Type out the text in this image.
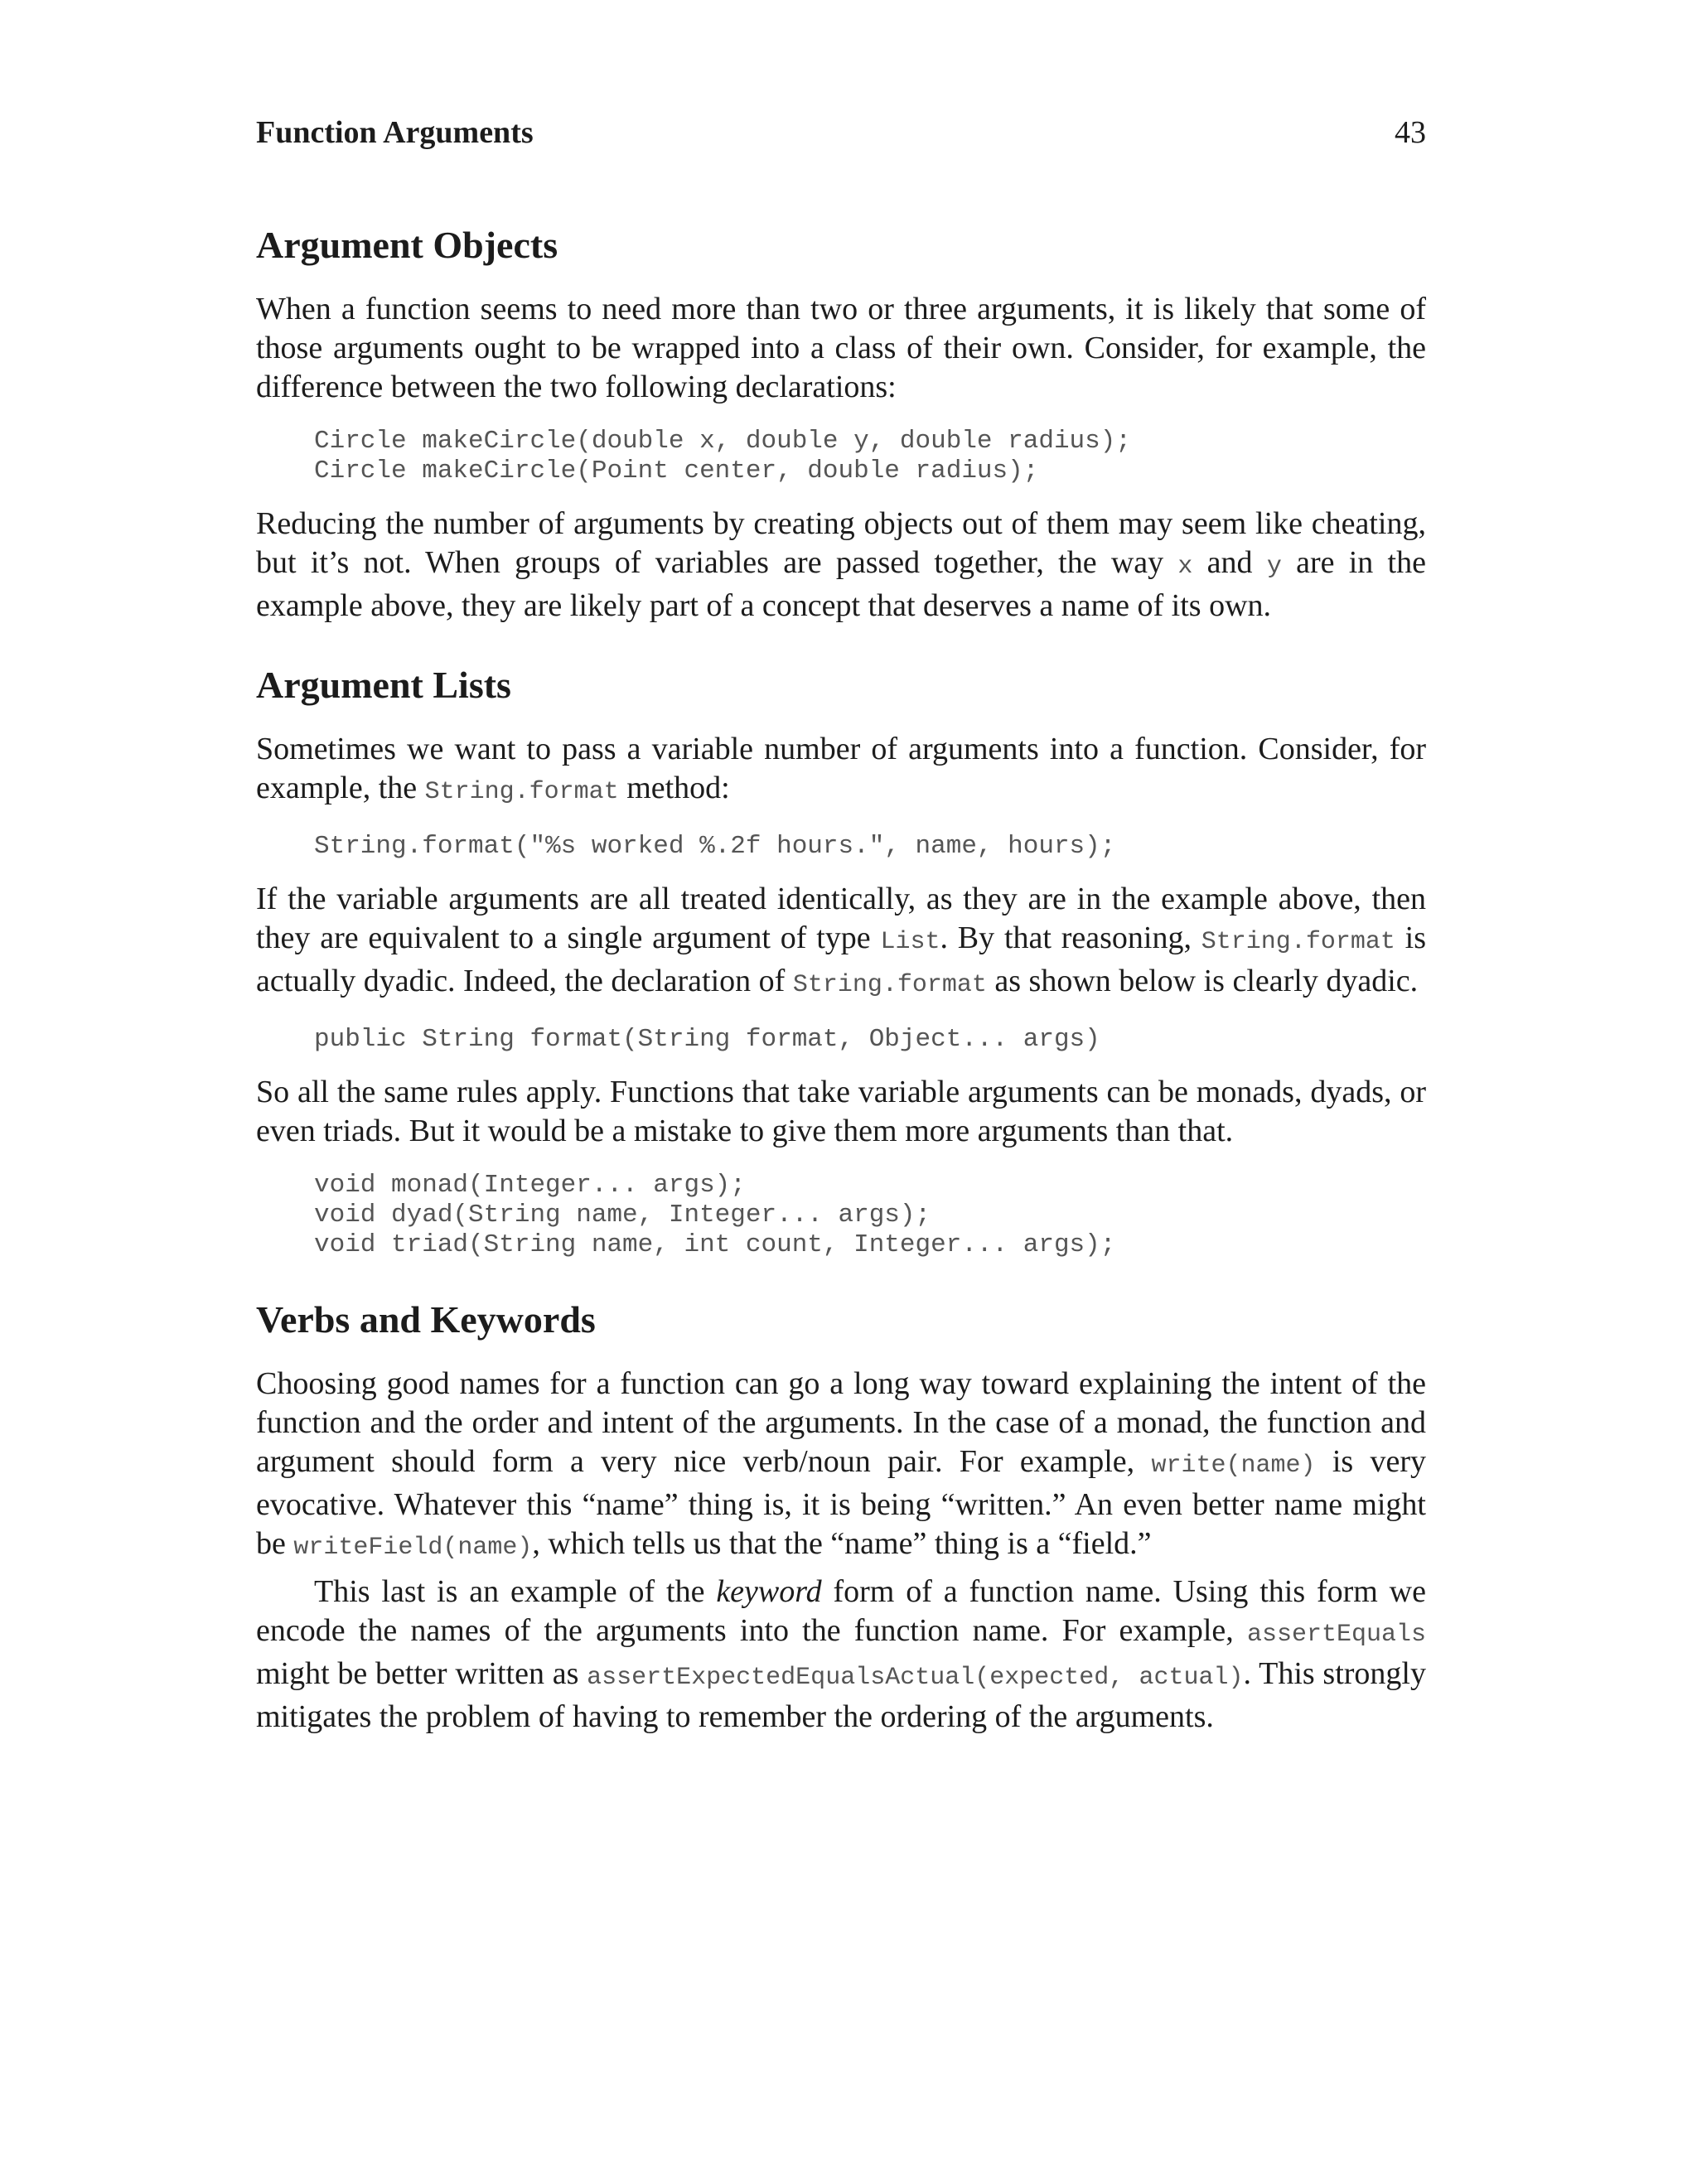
Function Arguments	43
Argument Objects

When a function seems to need more than two or three arguments, it is likely that some of those arguments ought to be wrapped into a class of their own. Consider, for example, the difference between the two following declarations:

Circle makeCircle(double x, double y, double radius);
Circle makeCircle(Point center, double radius);

Reducing the number of arguments by creating objects out of them may seem like cheating, but it’s not. When groups of variables are passed together, the way x and y are in the example above, they are likely part of a concept that deserves a name of its own.

Argument Lists

Sometimes we want to pass a variable number of arguments into a function. Consider, for example, the String.format method:

String.format("%s worked %.2f hours.", name, hours);

If the variable arguments are all treated identically, as they are in the example above, then they are equivalent to a single argument of type List. By that reasoning, String.format is actually dyadic. Indeed, the declaration of String.format as shown below is clearly dyadic.

public String format(String format, Object... args)

So all the same rules apply. Functions that take variable arguments can be monads, dyads, or even triads. But it would be a mistake to give them more arguments than that.

void monad(Integer... args);
void dyad(String name, Integer... args);
void triad(String name, int count, Integer... args);
Verbs and Keywords

Choosing good names for a function can go a long way toward explaining the intent of the function and the order and intent of the arguments. In the case of a monad, the function and argument should form a very nice verb/noun pair. For example, write(name) is very evocative. Whatever this “name” thing is, it is being “written.” An even better name might be writeField(name), which tells us that the “name” thing is a “field.”

This last is an example of the keyword form of a function name. Using this form we encode the names of the arguments into the function name. For example, assertEquals might be better written as assertExpectedEqualsActual(expected, actual). This strongly mitigates the problem of having to remember the ordering of the arguments.
